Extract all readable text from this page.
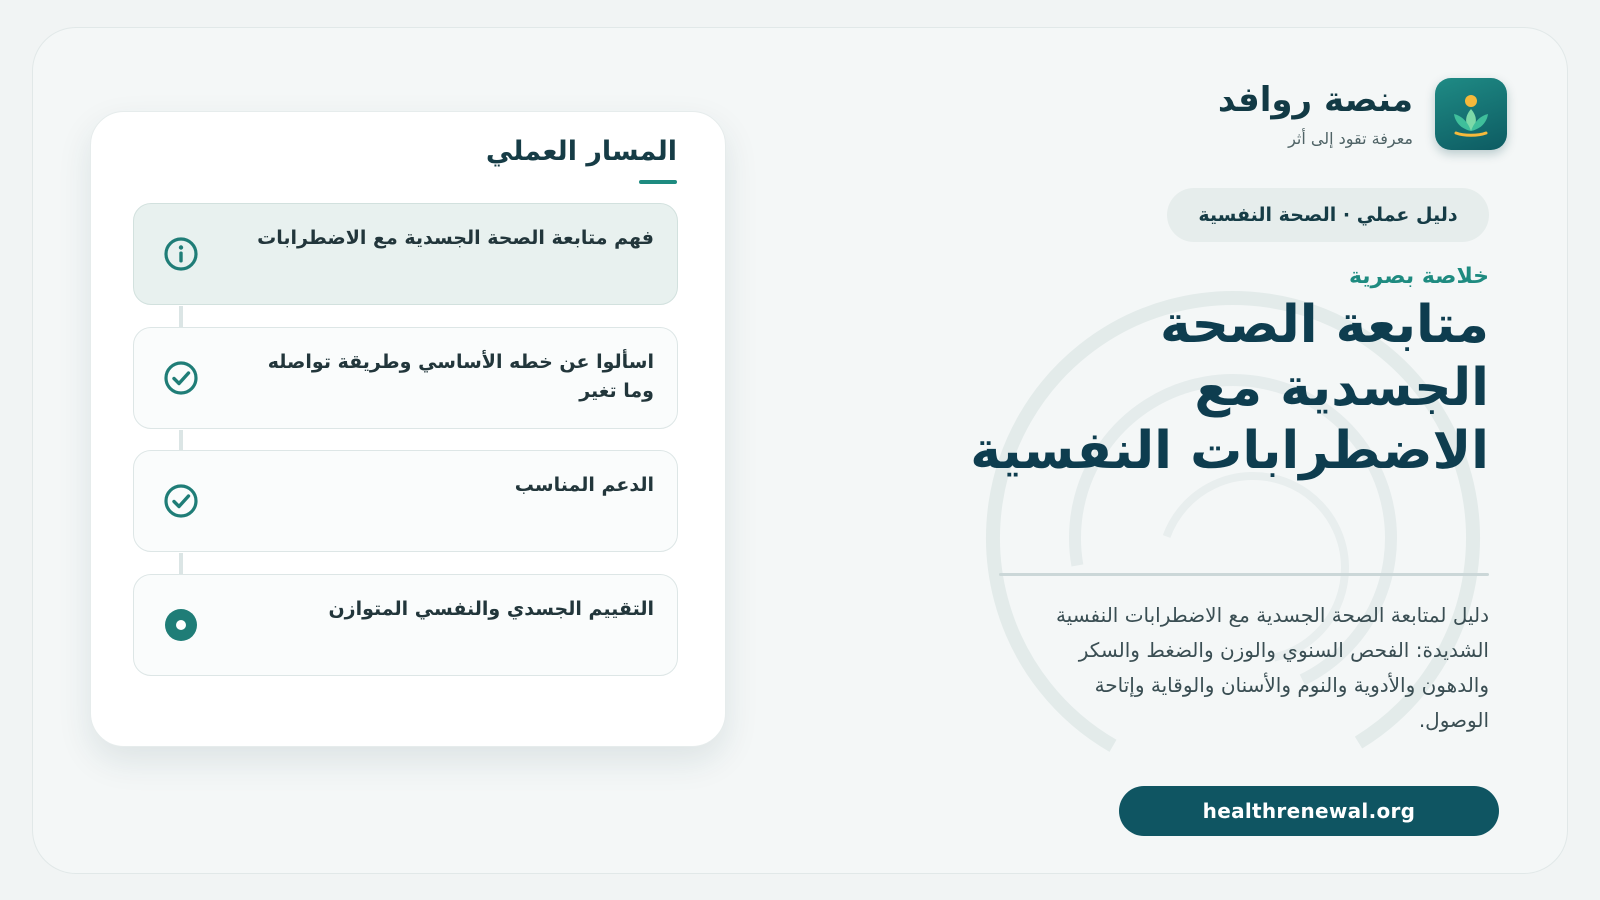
منصة روافد
معرفة تقود إلى أثر
دليل عملي · الصحة النفسية
خلاصة بصرية
متابعة الصحة الجسدية مع الاضطرابات النفسية

دليل لمتابعة الصحة الجسدية مع الاضطرابات النفسية الشديدة: الفحص السنوي والوزن والضغط والسكر والدهون والأدوية والنوم والأسنان والوقاية وإتاحة الوصول.

healthrenewal.org
المسار العملي
فهم متابعة الصحة الجسدية مع الاضطرابات
اسألوا عن خطه الأساسي وطريقة تواصله وما تغير
الدعم المناسب
التقييم الجسدي والنفسي المتوازن
